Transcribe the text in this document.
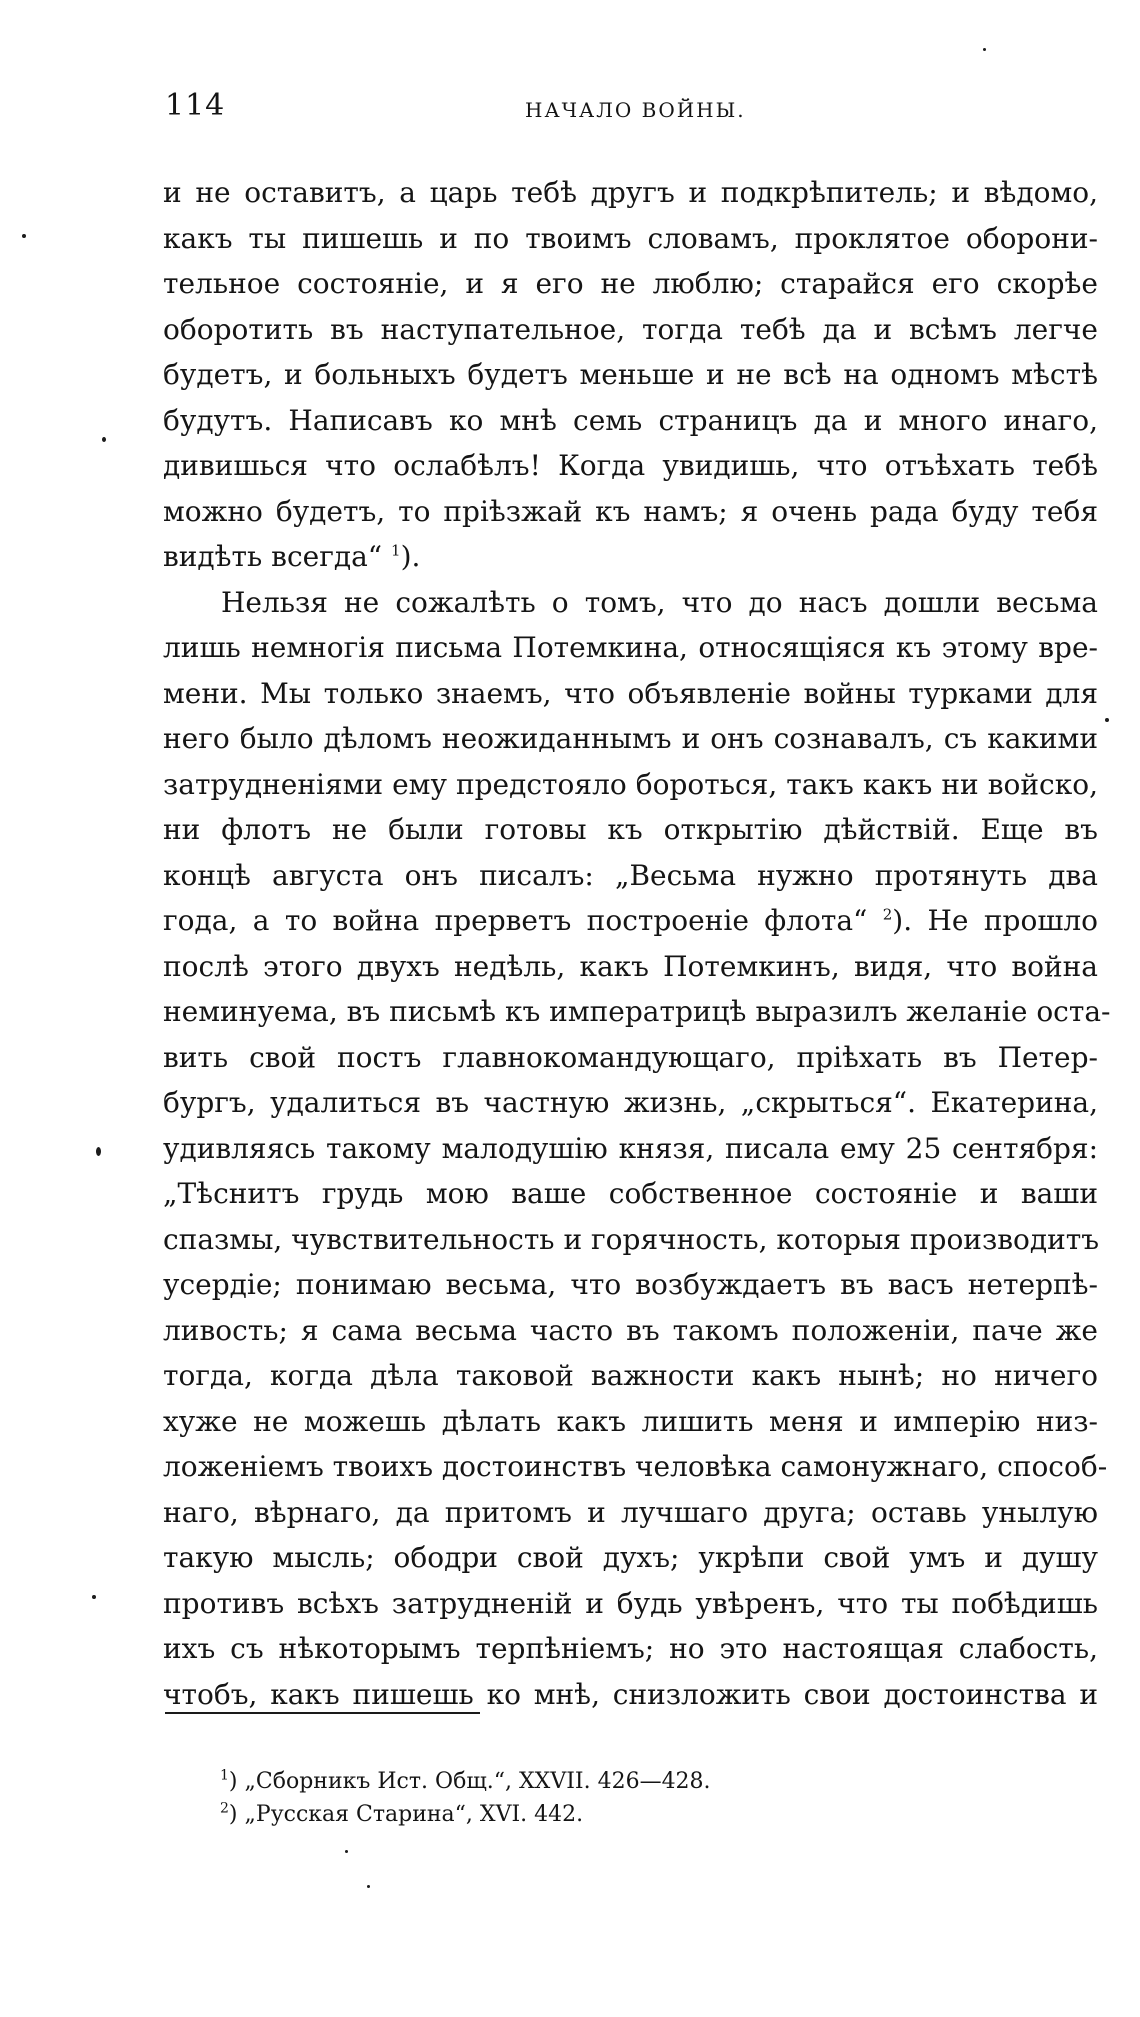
114	НАЧАЛО ВОЙНЫ.
и не оставитъ, а царь тебѣ другъ и подкрѣпитель; и вѣдомо,
какъ ты пишешь и по твоимъ словамъ, проклятое оборони-
тельное состояніе, и я его не люблю; старайся его скорѣе
оборотить въ наступательное, тогда тебѣ да и всѣмъ легче
будетъ, и больныхъ будетъ меньше и не всѣ на одномъ мѣстѣ
будутъ. Написавъ ко мнѣ семь страницъ да и много инаго,
дивишься что ослабѣлъ! Когда увидишь, что отъѣхать тебѣ
можно будетъ, то пріѣзжай къ намъ; я очень рада буду тебя
видѣть всегда“ $^1$).
Нельзя не сожалѣть о томъ, что до насъ дошли весьма
лишь немногія письма Потемкина, относящіяся къ этому вре-
мени. Мы только знаемъ, что объявленіе войны турками для
него было дѣломъ неожиданнымъ и онъ сознавалъ, съ какими
затрудненіями ему предстояло бороться, такъ какъ ни войско,
ни флотъ не были готовы къ открытію дѣйствій. Еще въ
концѣ августа онъ писалъ: „Весьма нужно протянуть два
года, а то война прерветъ построеніе флота“ $^2$). Не прошло
послѣ этого двухъ недѣль, какъ Потемкинъ, видя, что война
неминуема, въ письмѣ къ императрицѣ выразилъ желаніе оста-
вить свой постъ главнокомандующаго, пріѣхать въ Петер-
бургъ, удалиться въ частную жизнь, „скрыться“. Екатерина,
удивляясь такому малодушію князя, писала ему 25 сентября:
„Тѣснитъ грудь мою ваше собственное состояніе и ваши
спазмы, чувствительность и горячность, которыя производитъ
усердіе; понимаю весьма, что возбуждаетъ въ васъ нетерпѣ-
ливость; я сама весьма часто въ такомъ положеніи, паче же
тогда, когда дѣла таковой важности какъ нынѣ; но ничего
хуже не можешь дѣлать какъ лишить меня и имперію низ-
ложеніемъ твоихъ достоинствъ человѣка самонужнаго, способ-
наго, вѣрнаго, да притомъ и лучшаго друга; оставь унылую
такую мысль; ободри свой духъ; укрѣпи свой умъ и душу
противъ всѣхъ затрудненій и будь увѣренъ, что ты побѣдишь
ихъ съ нѣкоторымъ терпѣніемъ; но это настоящая слабость,
чтобъ, какъ пишешь ко мнѣ, снизложить свои достоинства и
$^1$) „Сборникъ Ист. Общ.“, XXVII. 426—428.
$^2$) „Русская Старина“, XVI. 442.
